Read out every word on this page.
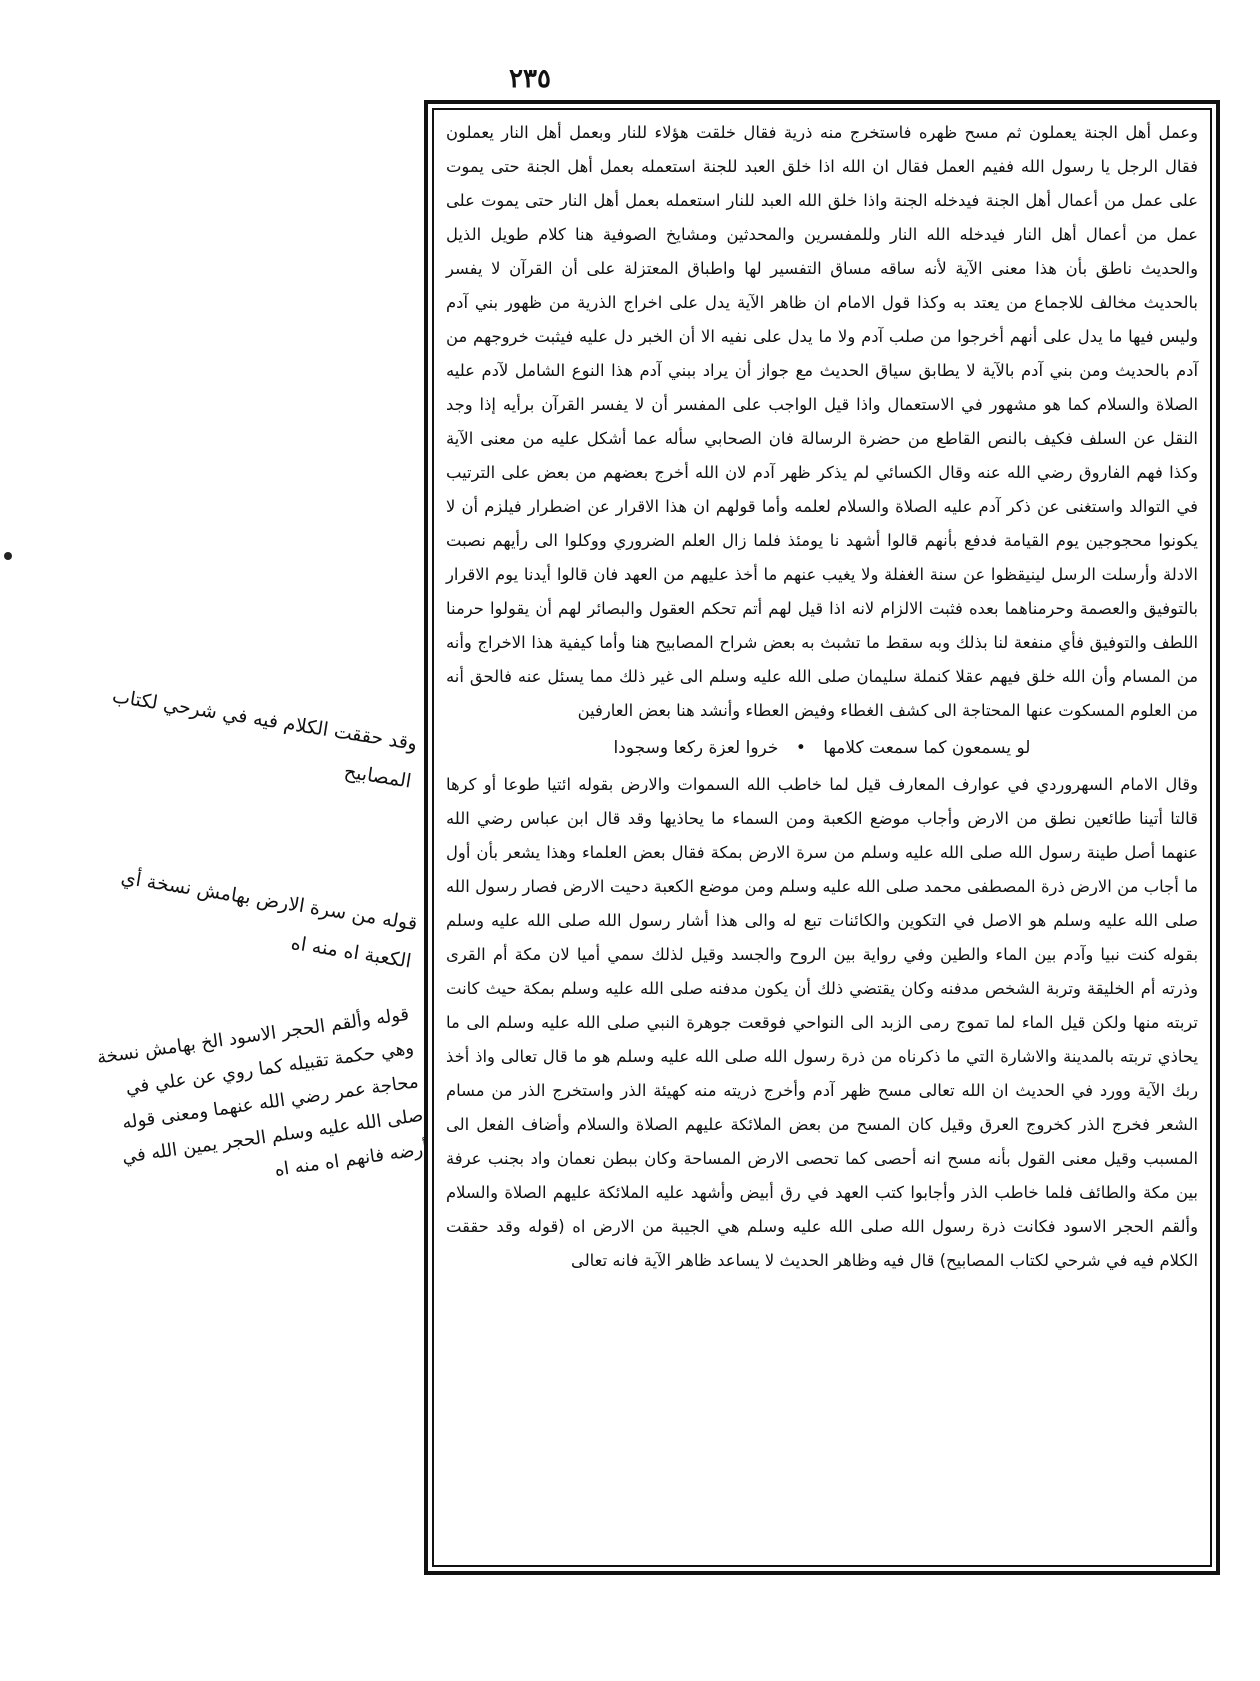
٢٣٥
وقد حققت الكلام فيه في شرحي لكتاب المصابيح
قوله من سرة الارض بهامش نسخة أي الكعبة اه منه اه
قوله وألقم الحجر الاسود الخ بهامش نسخة وهي حكمة تقبيله كما روي عن علي في محاجة عمر رضي الله عنهما ومعنى قوله صلى الله عليه وسلم الحجر يمين الله في أرضه فانهم اه منه اه

وعمل أهل الجنة يعملون ثم مسح ظهره فاستخرج منه ذرية فقال خلقت هؤلاء للنار وبعمل أهل النار يعملون فقال الرجل يا رسول الله ففيم العمل فقال ان الله اذا خلق العبد للجنة استعمله بعمل أهل الجنة حتى يموت على عمل من أعمال أهل الجنة فيدخله الجنة واذا خلق الله العبد للنار استعمله بعمل أهل النار حتى يموت على عمل من أعمال أهل النار فيدخله الله النار وللمفسرين والمحدثين ومشايخ الصوفية هنا كلام طويل الذيل والحديث ناطق بأن هذا معنى الآية لأنه ساقه مساق التفسير لها واطباق المعتزلة على أن القرآن لا يفسر بالحديث مخالف للاجماع من يعتد به وكذا قول الامام ان ظاهر الآية يدل على اخراج الذرية من ظهور بني آدم وليس فيها ما يدل على أنهم أخرجوا من صلب آدم ولا ما يدل على نفيه الا أن الخبر دل عليه فيثبت خروجهم من آدم بالحديث ومن بني آدم بالآية لا يطابق سياق الحديث مع جواز أن يراد ببني آدم هذا النوع الشامل لآدم عليه الصلاة والسلام كما هو مشهور في الاستعمال واذا قيل الواجب على المفسر أن لا يفسر القرآن برأيه إذا وجد النقل عن السلف فكيف بالنص القاطع من حضرة الرسالة فان الصحابي سأله عما أشكل عليه من معنى الآية وكذا فهم الفاروق رضي الله عنه وقال الكسائي لم يذكر ظهر آدم لان الله أخرج بعضهم من بعض على الترتيب في التوالد واستغنى عن ذكر آدم عليه الصلاة والسلام لعلمه وأما قولهم ان هذا الاقرار عن اضطرار فيلزم أن لا يكونوا محجوجين يوم القيامة فدفع بأنهم قالوا أشهد نا يومئذ فلما زال العلم الضروري ووكلوا الى رأيهم نصبت الادلة وأرسلت الرسل لينيقظوا عن سنة الغفلة ولا يغيب عنهم ما أخذ عليهم من العهد فان قالوا أيدنا يوم الاقرار بالتوفيق والعصمة وحرمناهما بعده فثبت الالزام لانه اذا قيل لهم أتم تحكم العقول والبصائر لهم أن يقولوا حرمنا اللطف والتوفيق فأي منفعة لنا بذلك وبه سقط ما تشبث به بعض شراح المصابيح هنا وأما كيفية هذا الاخراج وأنه من المسام وأن الله خلق فيهم عقلا كنملة سليمان صلى الله عليه وسلم الى غير ذلك مما يسئل عنه فالحق أنه من العلوم المسكوت عنها المحتاجة الى كشف الغطاء وفيض العطاء وأنشد هنا بعض العارفين

لو يسمعون كما سمعت كلامها • خروا لعزة ركعا وسجودا

وقال الامام السهروردي في عوارف المعارف قيل لما خاطب الله السموات والارض بقوله ائتيا طوعا أو كرها قالتا أتينا طائعين نطق من الارض وأجاب موضع الكعبة ومن السماء ما يحاذيها وقد قال ابن عباس رضي الله عنهما أصل طينة رسول الله صلى الله عليه وسلم من سرة الارض بمكة فقال بعض العلماء وهذا يشعر بأن أول ما أجاب من الارض ذرة المصطفى محمد صلى الله عليه وسلم ومن موضع الكعبة دحيت الارض فصار رسول الله صلى الله عليه وسلم هو الاصل في التكوين والكائنات تبع له والى هذا أشار رسول الله صلى الله عليه وسلم بقوله كنت نبيا وآدم بين الماء والطين وفي رواية بين الروح والجسد وقيل لذلك سمي أميا لان مكة أم القرى وذرته أم الخليقة وتربة الشخص مدفنه وكان يقتضي ذلك أن يكون مدفنه صلى الله عليه وسلم بمكة حيث كانت تربته منها ولكن قيل الماء لما تموج رمى الزبد الى النواحي فوقعت جوهرة النبي صلى الله عليه وسلم الى ما يحاذي تربته بالمدينة والاشارة التي ما ذكرناه من ذرة رسول الله صلى الله عليه وسلم هو ما قال تعالى واذ أخذ ربك الآية وورد في الحديث ان الله تعالى مسح ظهر آدم وأخرج ذريته منه كهيئة الذر واستخرج الذر من مسام الشعر فخرج الذر كخروج العرق وقيل كان المسح من بعض الملائكة عليهم الصلاة والسلام وأضاف الفعل الى المسبب وقيل معنى القول بأنه مسح انه أحصى كما تحصى الارض المساحة وكان ببطن نعمان واد بجنب عرفة بين مكة والطائف فلما خاطب الذر وأجابوا كتب العهد في رق أبيض وأشهد عليه الملائكة عليهم الصلاة والسلام وألقم الحجر الاسود فكانت ذرة رسول الله صلى الله عليه وسلم هي الجيبة من الارض اه (قوله وقد حققت الكلام فيه في شرحي لكتاب المصابيح) قال فيه وظاهر الحديث لا يساعد ظاهر الآية فانه تعالى
